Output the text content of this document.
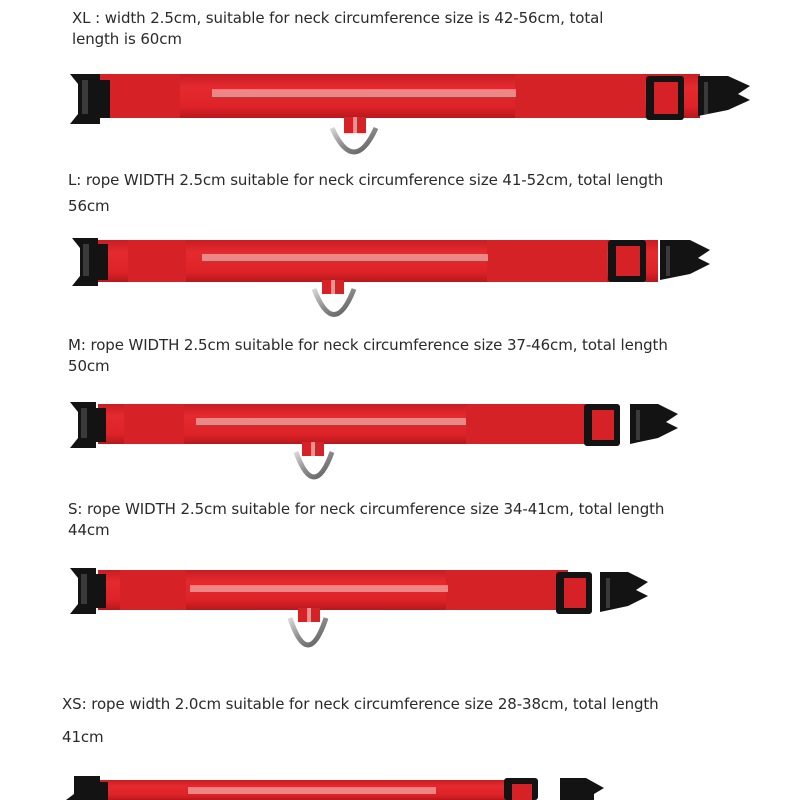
XL : width 2.5cm, suitable for neck circumference size is 42-56cm, total
length is 60cm
L: rope WIDTH 2.5cm suitable for neck circumference size 41-52cm, total length
56cm
M: rope WIDTH 2.5cm suitable for neck circumference size 37-46cm, total length
50cm
S: rope WIDTH 2.5cm suitable for neck circumference size 34-41cm, total length
44cm
XS: rope width 2.0cm suitable for neck circumference size 28-38cm, total length
41cm
